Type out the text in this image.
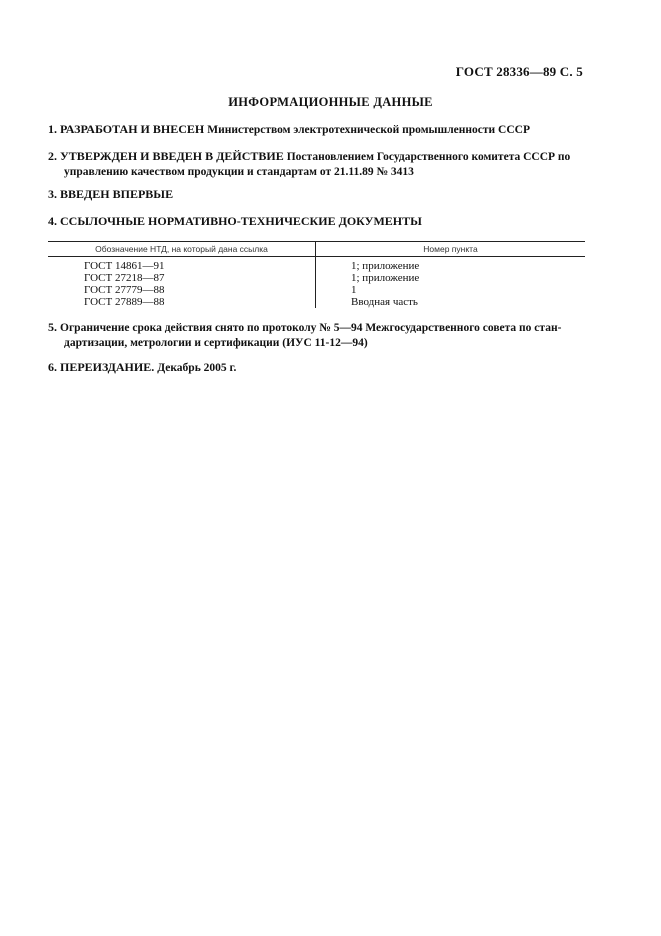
ГОСТ 28336—89 С. 5
ИНФОРМАЦИОННЫЕ ДАННЫЕ
1. РАЗРАБОТАН И ВНЕСЕН Министерством электротехнической промышленности СССР
2. УТВЕРЖДЕН И ВВЕДЕН В ДЕЙСТВИЕ Постановлением Государственного комитета СССР по
управлению качеством продукции и стандартам от 21.11.89 № 3413
3. ВВЕДЕН ВПЕРВЫЕ
4. ССЫЛОЧНЫЕ НОРМАТИВНО-ТЕХНИЧЕСКИЕ ДОКУМЕНТЫ
Обозначение НТД, на который дана ссылка	Номер пункта
ГОСТ 14861—91	1; приложение
ГОСТ 27218—87	1; приложение
ГОСТ 27779—88	1
ГОСТ 27889—88	Вводная часть
5. Ограничение срока действия снято по протоколу № 5—94 Межгосударственного совета по стан-
дартизации, метрологии и сертификации (ИУС 11-12—94)
6. ПЕРЕИЗДАНИЕ. Декабрь 2005 г.
